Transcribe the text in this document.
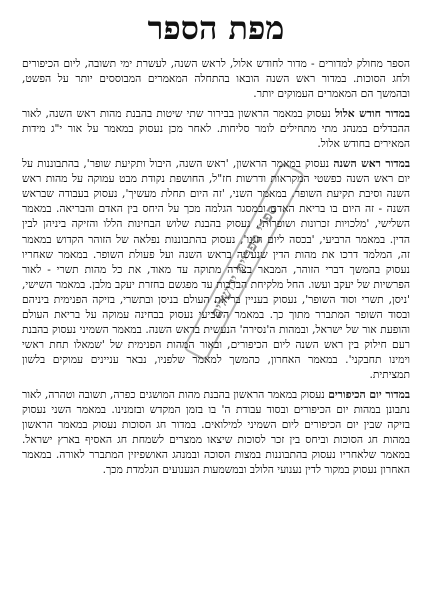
מפת הספר

הספר מחולק למדורים - מדור לחודש אלול, לראש השנה, לעשרת ימי תשובה, ליום הכיפורים ולחג הסוכות. במדור ראש השנה הובאו בהתחלה המאמרים המבוססים יותר על הפשט, ובהמשך הם המאמרים העמוקים יותר.

במדור חודש אלול נעסוק במאמר הראשון בבירור שתי שיטות בהבנת מהות ראש השנה, לאור ההבדלים במנהג מתי מתחילים לומר סליחות. לאחר מכן נעסוק במאמר על אור י"ג מידות המאירים בחודש אלול.

במדור ראש השנה נעסוק במאמר הראשון, 'ראש השנה, היבול ותקיעת שופר', בהתבוננות על יום ראש השנה כפשטי המקראות ודרשות חז"ל, החושפת נקודת מבט עמוקה על מהות ראש השנה וסיבת תקיעת השופר. במאמר השני, 'זה היום תחלת מעשיך', נעסוק בעבודה שבראש השנה - זה היום בו בריאת האדם ובמסגר הגלמה מכך על היחס בין האדם והבריאה. במאמר השלישי, 'מלכויות זכרונות ושופרות', נעסוק בהבנת שלוש הבחינות הללו והזיקה ביניהן לבין הדין. במאמר הרביעי, 'בכסה ליום חגנו', נעסוק בהתבוננות נפלאה של הזוהר הקדוש במאמר זה, המלמד דרכו את מהות הדין שנעשה בראש השנה ועל פעולת השופר. במאמר שאחריו נעסוק בהמשך דברי הזוהר, המבאר בצורה מתוקה עד מאוד, את כל מהות תשרי - לאור הפרשיות של יעקב ועשו. החל מלקיחת הברכות עד מפגשם בחזרת יעקב מלבן. במאמר השישי, 'ניסן, תשרי וסוד השופר', נעסוק בעניין בריאת העולם בניסן ובתשרי, בזיקה הפנימית ביניהם ובסוד השופר המתברר מתוך כך. במאמר השביעי נעסוק בבחינה עמוקה על בריאת העולם והופעת אור של ישראל, ובמהות ה'נסירה' הנעשית בראש השנה. במאמר השמיני נעסוק בהבנת רעם חילוק בין ראש השנה ליום הכיפורים, ובאור המהות הפנימית של 'שמאלו תחת ראשי וימינו תחבקני'. במאמר האחרון, כהמשך למאמר שלפניו, נבאר עניינים עמוקים בלשון תמציתית.

במדור יום הכיפורים נעסוק במאמר הראשון בהבנת מהות המושגים כפרה, תשובה וטהרה, לאור נתבונן במהות יום הכיפורים ובסוד עבודת ה' בו בזמן המקדש ובזמנינו. במאמר השני נעסוק בזיקה שבין יום הכיפורים ליום השמיני למילואים. במדור חג הסוכות נעסוק במאמר הראשון במהות חג הסוכות וביחס בין זכר לסוכות שיצאו ממצרים לשמחת חג האסיף בארץ ישראל. במאמר שלאחריו נעסוק בהתבוננות במצות הסוכה ובמנהג האושפיזין המתברר לאורה. במאמר האחרון נעסוק במקור לדין נענועי הלולב ובמשמעות הנענועים הנלמדת מכך.

ספרי ספריית ירושלים
